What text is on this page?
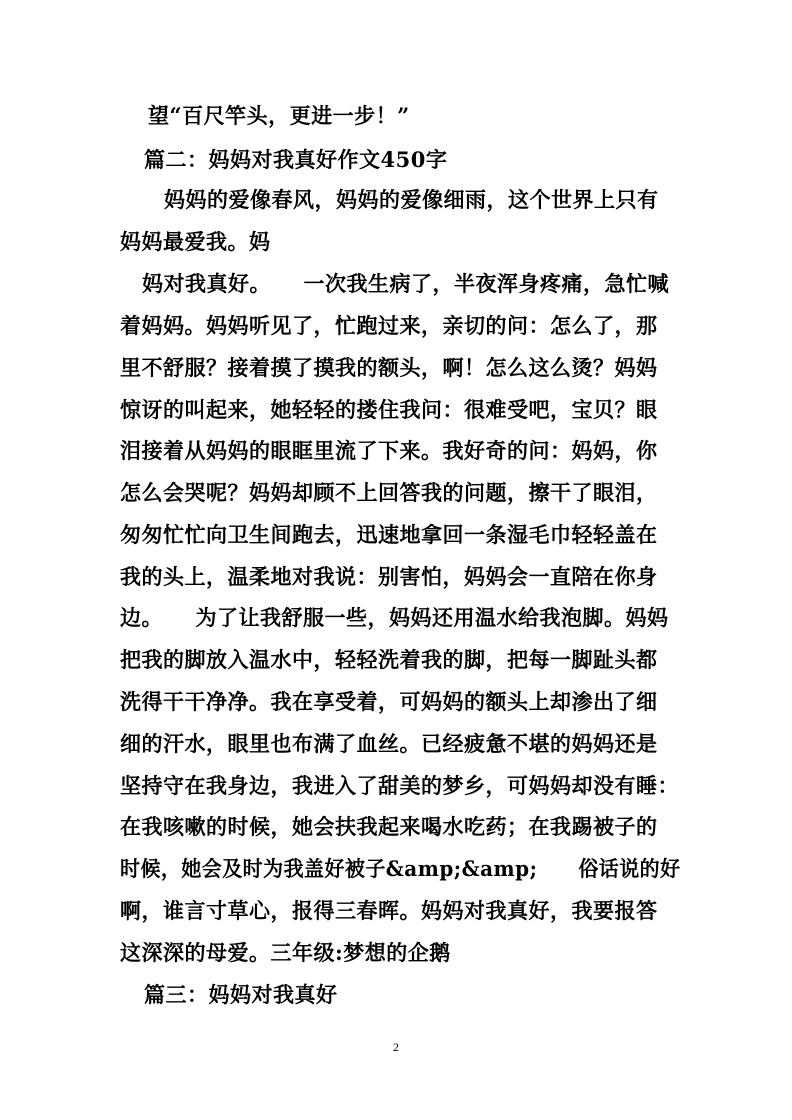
望“百尺竿头，更进一步！”
篇二：妈妈对我真好作文450字
妈妈的爱像春风，妈妈的爱像细雨，这个世界上只有
妈妈最爱我。妈
妈对我真好。　　一次我生病了，半夜浑身疼痛，急忙喊
着妈妈。妈妈听见了，忙跑过来，亲切的问：怎么了，那
里不舒服？接着摸了摸我的额头，啊！怎么这么烫？妈妈
惊讶的叫起来，她轻轻的搂住我问：很难受吧，宝贝？眼
泪接着从妈妈的眼眶里流了下来。我好奇的问：妈妈，你
怎么会哭呢？妈妈却顾不上回答我的问题，擦干了眼泪，
匆匆忙忙向卫生间跑去，迅速地拿回一条湿毛巾轻轻盖在
我的头上，温柔地对我说：别害怕，妈妈会一直陪在你身
边。　　为了让我舒服一些，妈妈还用温水给我泡脚。妈妈
把我的脚放入温水中，轻轻洗着我的脚，把每一脚趾头都
洗得干干净净。我在享受着，可妈妈的额头上却渗出了细
细的汗水，眼里也布满了血丝。已经疲惫不堪的妈妈还是
坚持守在我身边，我进入了甜美的梦乡，可妈妈却没有睡：
在我咳嗽的时候，她会扶我起来喝水吃药；在我踢被子的
时候，她会及时为我盖好被子&amp;&amp;　　俗话说的好
啊，谁言寸草心，报得三春晖。妈妈对我真好，我要报答
这深深的母爱。三年级:梦想的企鹅
篇三：妈妈对我真好
2
